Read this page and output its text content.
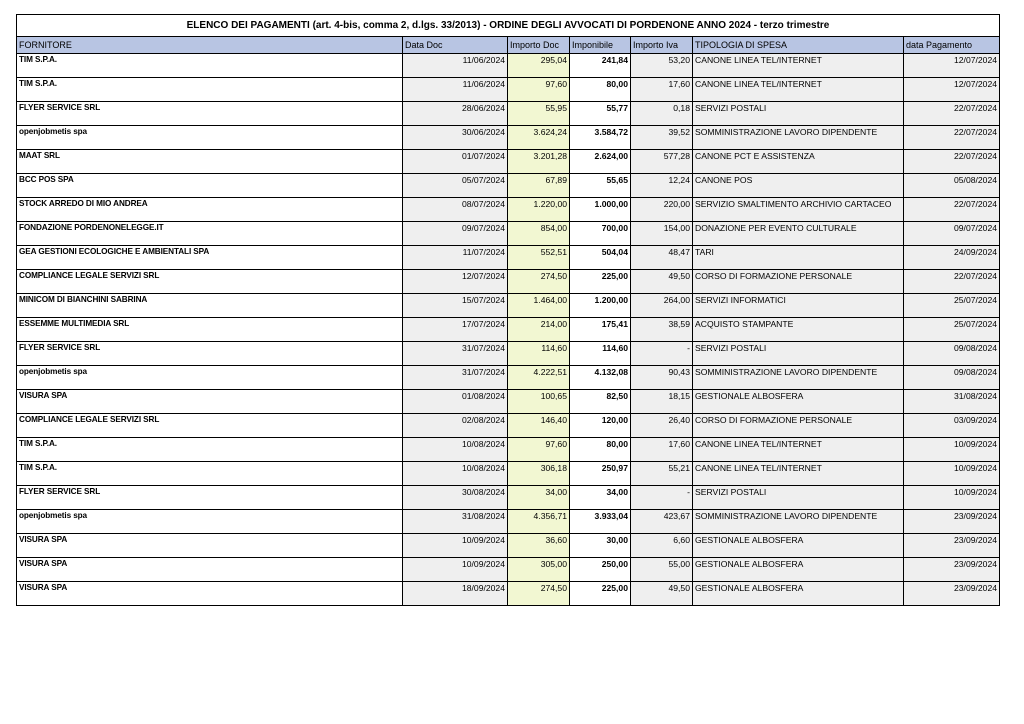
ELENCO DEI PAGAMENTI (art. 4-bis, comma 2, d.lgs. 33/2013) - ORDINE DEGLI AVVOCATI DI PORDENONE ANNO 2024 - terzo trimestre						
FORNITORE	Data Doc	Importo Doc	Imponibile	Importo Iva	TIPOLOGIA DI SPESA	data Pagamento
TIM S.P.A.	11/06/2024	295,04	241,84	53,20	CANONE LINEA TEL/INTERNET	12/07/2024
TIM S.P.A.	11/06/2024	97,60	80,00	17,60	CANONE LINEA TEL/INTERNET	12/07/2024
FLYER SERVICE SRL	28/06/2024	55,95	55,77	0,18	SERVIZI POSTALI	22/07/2024
openjobmetis spa	30/06/2024	3.624,24	3.584,72	39,52	SOMMINISTRAZIONE LAVORO DIPENDENTE	22/07/2024
MAAT SRL	01/07/2024	3.201,28	2.624,00	577,28	CANONE PCT E ASSISTENZA	22/07/2024
BCC POS SPA	05/07/2024	67,89	55,65	12,24	CANONE POS	05/08/2024
STOCK ARREDO DI MIO ANDREA	08/07/2024	1.220,00	1.000,00	220,00	SERVIZIO SMALTIMENTO ARCHIVIO CARTACEO	22/07/2024
FONDAZIONE PORDENONELEGGE.IT	09/07/2024	854,00	700,00	154,00	DONAZIONE PER EVENTO CULTURALE	09/07/2024
GEA GESTIONI ECOLOGICHE E AMBIENTALI SPA	11/07/2024	552,51	504,04	48,47	TARI	24/09/2024
COMPLIANCE LEGALE SERVIZI SRL	12/07/2024	274,50	225,00	49,50	CORSO DI FORMAZIONE PERSONALE	22/07/2024
MINICOM DI BIANCHINI SABRINA	15/07/2024	1.464,00	1.200,00	264,00	SERVIZI INFORMATICI	25/07/2024
ESSEMME MULTIMEDIA SRL	17/07/2024	214,00	175,41	38,59	ACQUISTO STAMPANTE	25/07/2024
FLYER SERVICE SRL	31/07/2024	114,60	114,60	-	SERVIZI POSTALI	09/08/2024
openjobmetis spa	31/07/2024	4.222,51	4.132,08	90,43	SOMMINISTRAZIONE LAVORO DIPENDENTE	09/08/2024
VISURA SPA	01/08/2024	100,65	82,50	18,15	GESTIONALE ALBOSFERA	31/08/2024
COMPLIANCE LEGALE SERVIZI SRL	02/08/2024	146,40	120,00	26,40	CORSO DI FORMAZIONE PERSONALE	03/09/2024
TIM S.P.A.	10/08/2024	97,60	80,00	17,60	CANONE LINEA TEL/INTERNET	10/09/2024
TIM S.P.A.	10/08/2024	306,18	250,97	55,21	CANONE LINEA TEL/INTERNET	10/09/2024
FLYER SERVICE SRL	30/08/2024	34,00	34,00	-	SERVIZI POSTALI	10/09/2024
openjobmetis spa	31/08/2024	4.356,71	3.933,04	423,67	SOMMINISTRAZIONE LAVORO DIPENDENTE	23/09/2024
VISURA SPA	10/09/2024	36,60	30,00	6,60	GESTIONALE ALBOSFERA	23/09/2024
VISURA SPA	10/09/2024	305,00	250,00	55,00	GESTIONALE ALBOSFERA	23/09/2024
VISURA SPA	18/09/2024	274,50	225,00	49,50	GESTIONALE ALBOSFERA	23/09/2024
